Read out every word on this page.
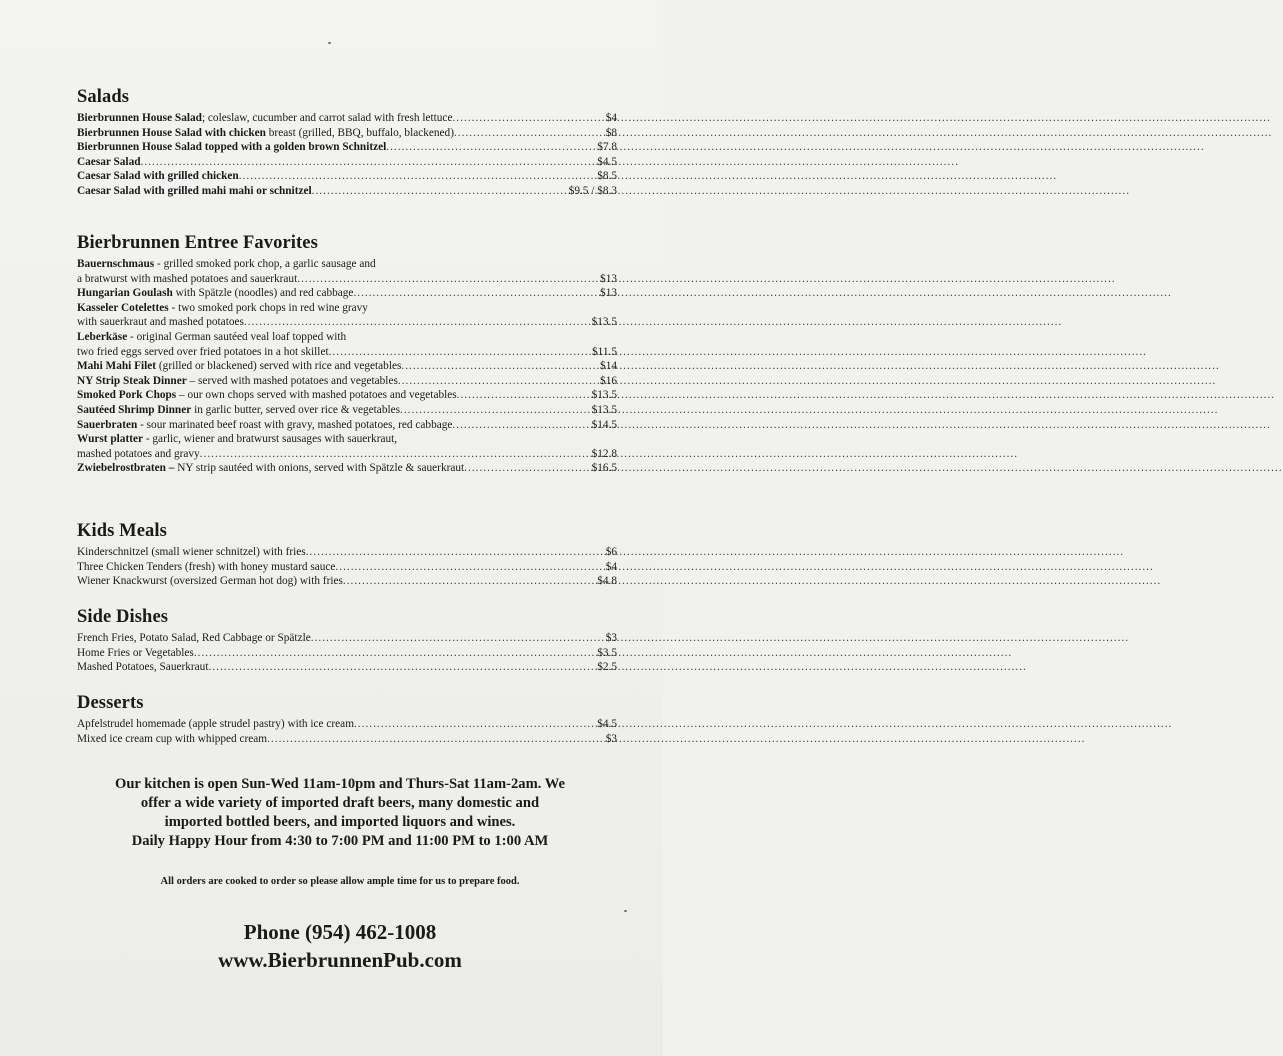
Salads
Bierbrunnen House Salad; coleslaw, cucumber and carrot salad with fresh lettuce .....	$4
Bierbrunnen House Salad with chicken breast (grilled, BBQ, buffalo, blackened) .....	$8
Bierbrunnen House Salad topped with a golden brown Schnitzel .....	$7.8
Caesar Salad .....	$4.5
Caesar Salad with grilled chicken .....	$8.5
Caesar Salad with grilled mahi mahi or schnitzel .....	$9.5 / $8.3
Bierbrunnen Entree Favorites
Bauernschmaus - grilled smoked pork chop, a garlic sausage and
a bratwurst with mashed potatoes and sauerkraut .....	$13
Hungarian Goulash with Spätzle (noodles) and red cabbage .....	$13
Kasseler Cotelettes - two smoked pork chops in red wine gravy
with sauerkraut and mashed potatoes .....	$13.5
Leberkäse - original German sautéed veal loaf topped with
two fried eggs served over fried potatoes in a hot skillet .....	$11.5
Mahi Mahi Filet (grilled or blackened) served with rice and vegetables .....	$14
NY Strip Steak Dinner – served with mashed potatoes and vegetables .....	$16
Smoked Pork Chops – our own chops served with mashed potatoes and vegetables .....	$13.5
Sautéed Shrimp Dinner in garlic butter, served over rice & vegetables .....	$13.5
Sauerbraten - sour marinated beef roast with gravy, mashed potatoes, red cabbage .....	$14.5
Wurst platter - garlic, wiener and bratwurst sausages with sauerkraut,
mashed potatoes and gravy .....	$12.8
Zwiebelrostbraten – NY strip sautéed with onions, served with Spätzle & sauerkraut .....	$16.5
Kids Meals
Kinderschnitzel (small wiener schnitzel) with fries .....	$6
Three Chicken Tenders (fresh) with honey mustard sauce .....	$4
Wiener Knackwurst (oversized German hot dog) with fries .....	$4.8
Side Dishes
French Fries, Potato Salad, Red Cabbage or Spätzle .....	$3
Home Fries or Vegetables .....	$3.5
Mashed Potatoes, Sauerkraut .....	$2.5
Desserts
Apfelstrudel homemade (apple strudel pastry) with ice cream .....	$4.5
Mixed ice cream cup with whipped cream .....	$3
Our kitchen is open Sun-Wed 11am-10pm and Thurs-Sat 11am-2am. We
offer a wide variety of imported draft beers, many domestic and
imported bottled beers, and imported liquors and wines.
Daily Happy Hour from 4:30 to 7:00 PM and 11:00 PM to 1:00 AM
All orders are cooked to order so please allow ample time for us to prepare food.
Phone (954) 462-1008
www.BierbrunnenPub.com
